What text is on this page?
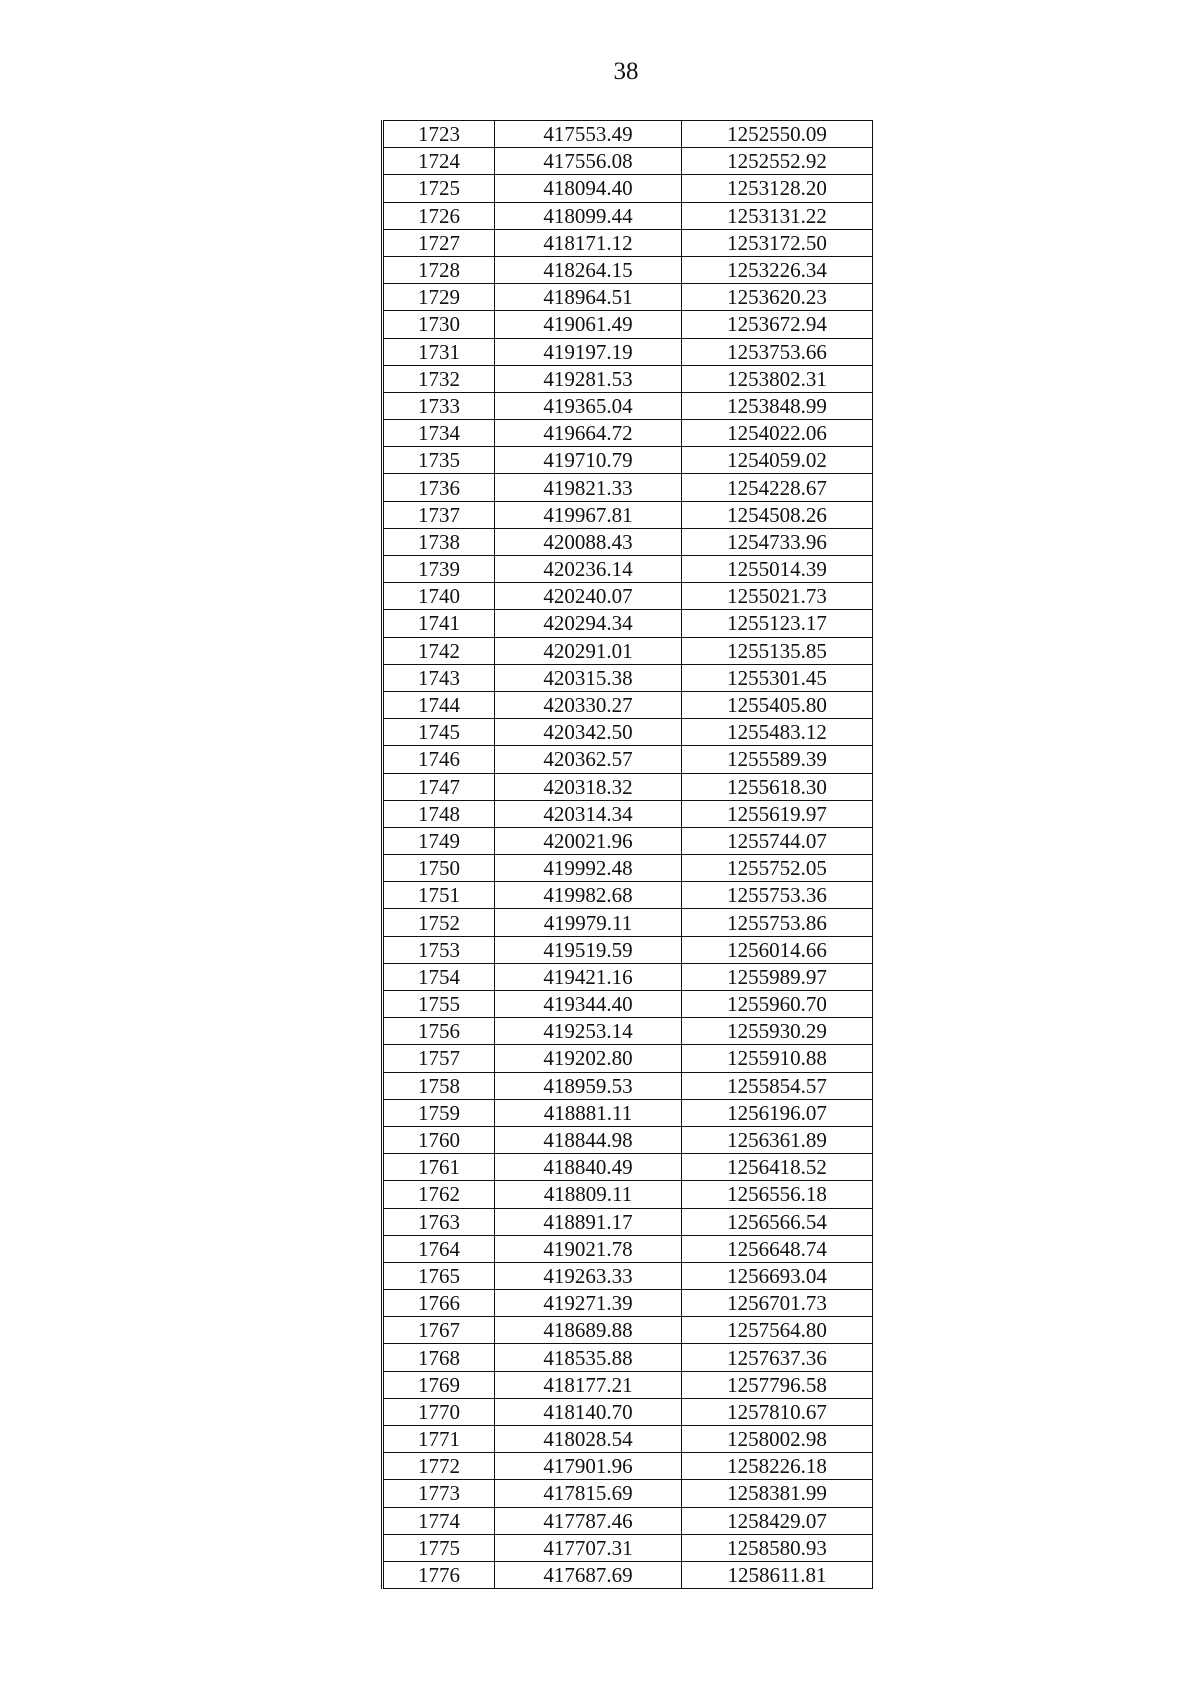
38
1723	417553.49	1252550.09
1724	417556.08	1252552.92
1725	418094.40	1253128.20
1726	418099.44	1253131.22
1727	418171.12	1253172.50
1728	418264.15	1253226.34
1729	418964.51	1253620.23
1730	419061.49	1253672.94
1731	419197.19	1253753.66
1732	419281.53	1253802.31
1733	419365.04	1253848.99
1734	419664.72	1254022.06
1735	419710.79	1254059.02
1736	419821.33	1254228.67
1737	419967.81	1254508.26
1738	420088.43	1254733.96
1739	420236.14	1255014.39
1740	420240.07	1255021.73
1741	420294.34	1255123.17
1742	420291.01	1255135.85
1743	420315.38	1255301.45
1744	420330.27	1255405.80
1745	420342.50	1255483.12
1746	420362.57	1255589.39
1747	420318.32	1255618.30
1748	420314.34	1255619.97
1749	420021.96	1255744.07
1750	419992.48	1255752.05
1751	419982.68	1255753.36
1752	419979.11	1255753.86
1753	419519.59	1256014.66
1754	419421.16	1255989.97
1755	419344.40	1255960.70
1756	419253.14	1255930.29
1757	419202.80	1255910.88
1758	418959.53	1255854.57
1759	418881.11	1256196.07
1760	418844.98	1256361.89
1761	418840.49	1256418.52
1762	418809.11	1256556.18
1763	418891.17	1256566.54
1764	419021.78	1256648.74
1765	419263.33	1256693.04
1766	419271.39	1256701.73
1767	418689.88	1257564.80
1768	418535.88	1257637.36
1769	418177.21	1257796.58
1770	418140.70	1257810.67
1771	418028.54	1258002.98
1772	417901.96	1258226.18
1773	417815.69	1258381.99
1774	417787.46	1258429.07
1775	417707.31	1258580.93
1776	417687.69	1258611.81
